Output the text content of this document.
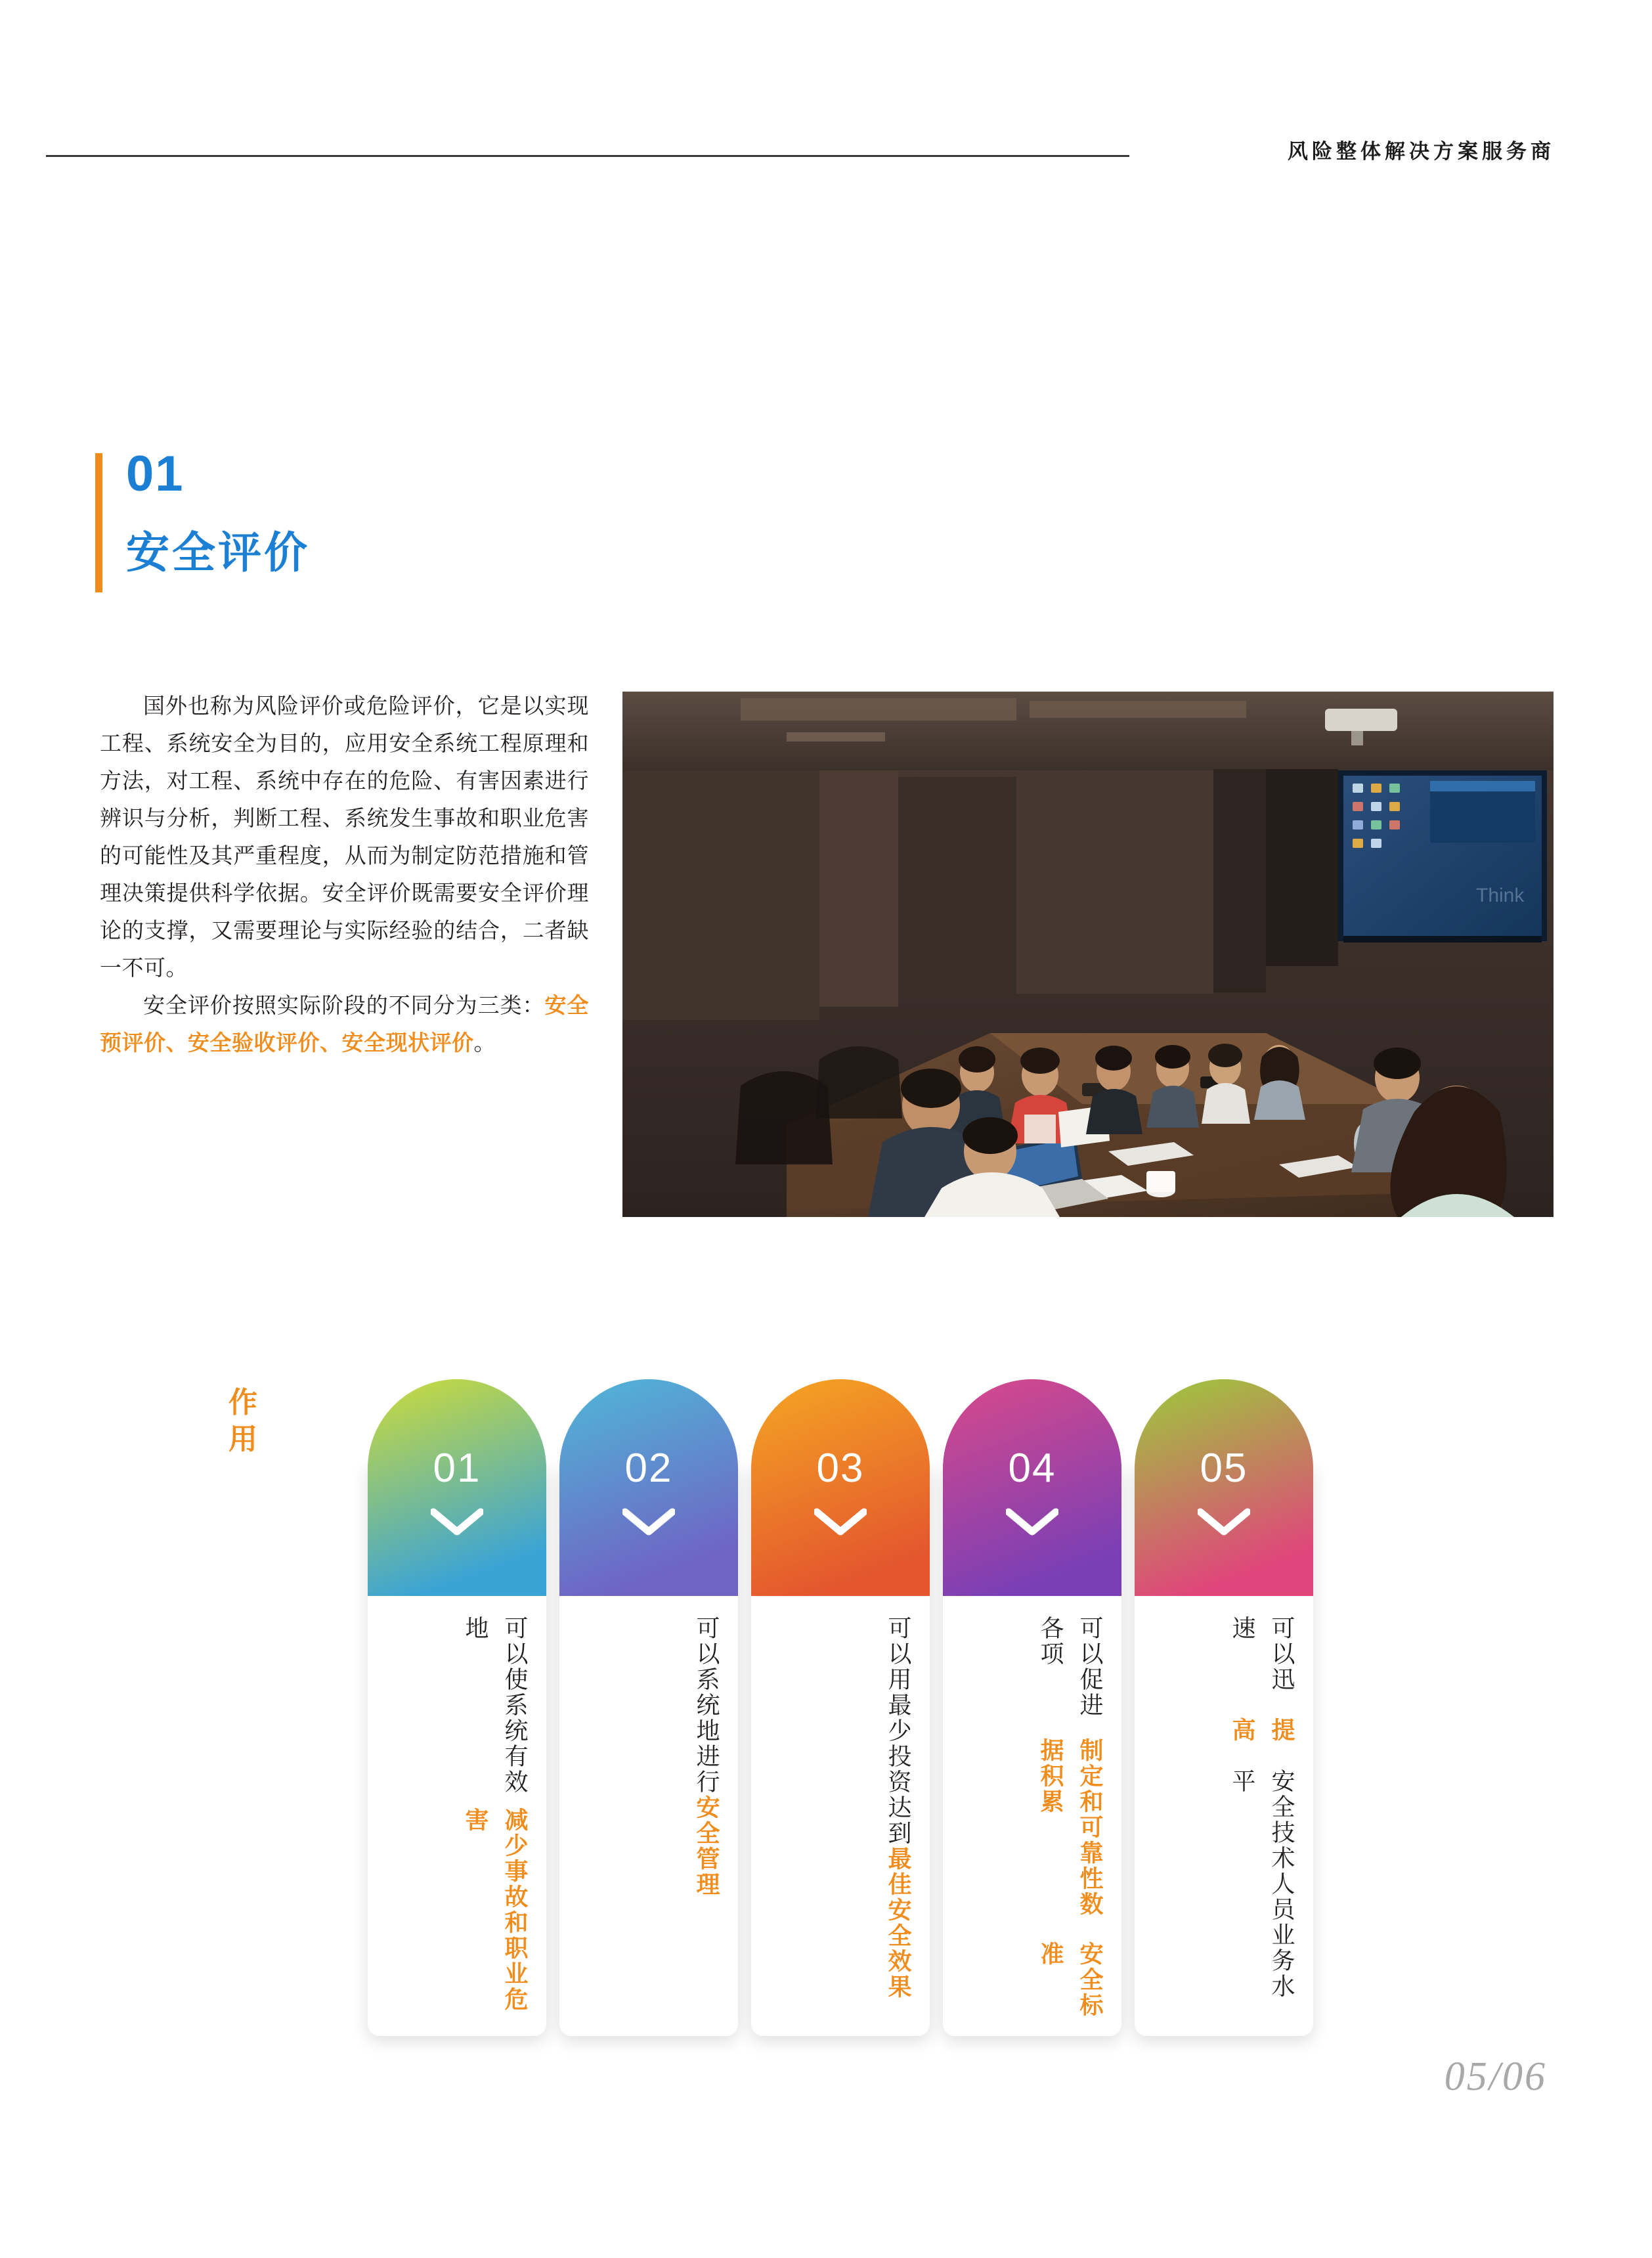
风险整体解决方案服务商
01
安全评价

国外也称为风险评价或危险评价，它是以实现工程、系统安全为目的，应用安全系统工程原理和方法，对工程、系统中存在的危险、有害因素进行辨识与分析，判断工程、系统发生事故和职业危害的可能性及其严重程度，从而为制定防范措施和管理决策提供科学依据。安全评价既需要安全评价理论的支撑，又需要理论与实际经验的结合，二者缺一不可。

安全评价按照实际阶段的不同分为三类：安全预评价、安全验收评价、安全现状评价。

Think
作用
01
可以使系统有效地
减少事故和职业危害
02
可以系统地进行
安全管理
03
可以用最少投资达到
最佳安全效果
04
可以促进各项
制定和可靠性数据积累
安全标准
05
可以迅速
提高
安全技术人员业务水平
05/06
